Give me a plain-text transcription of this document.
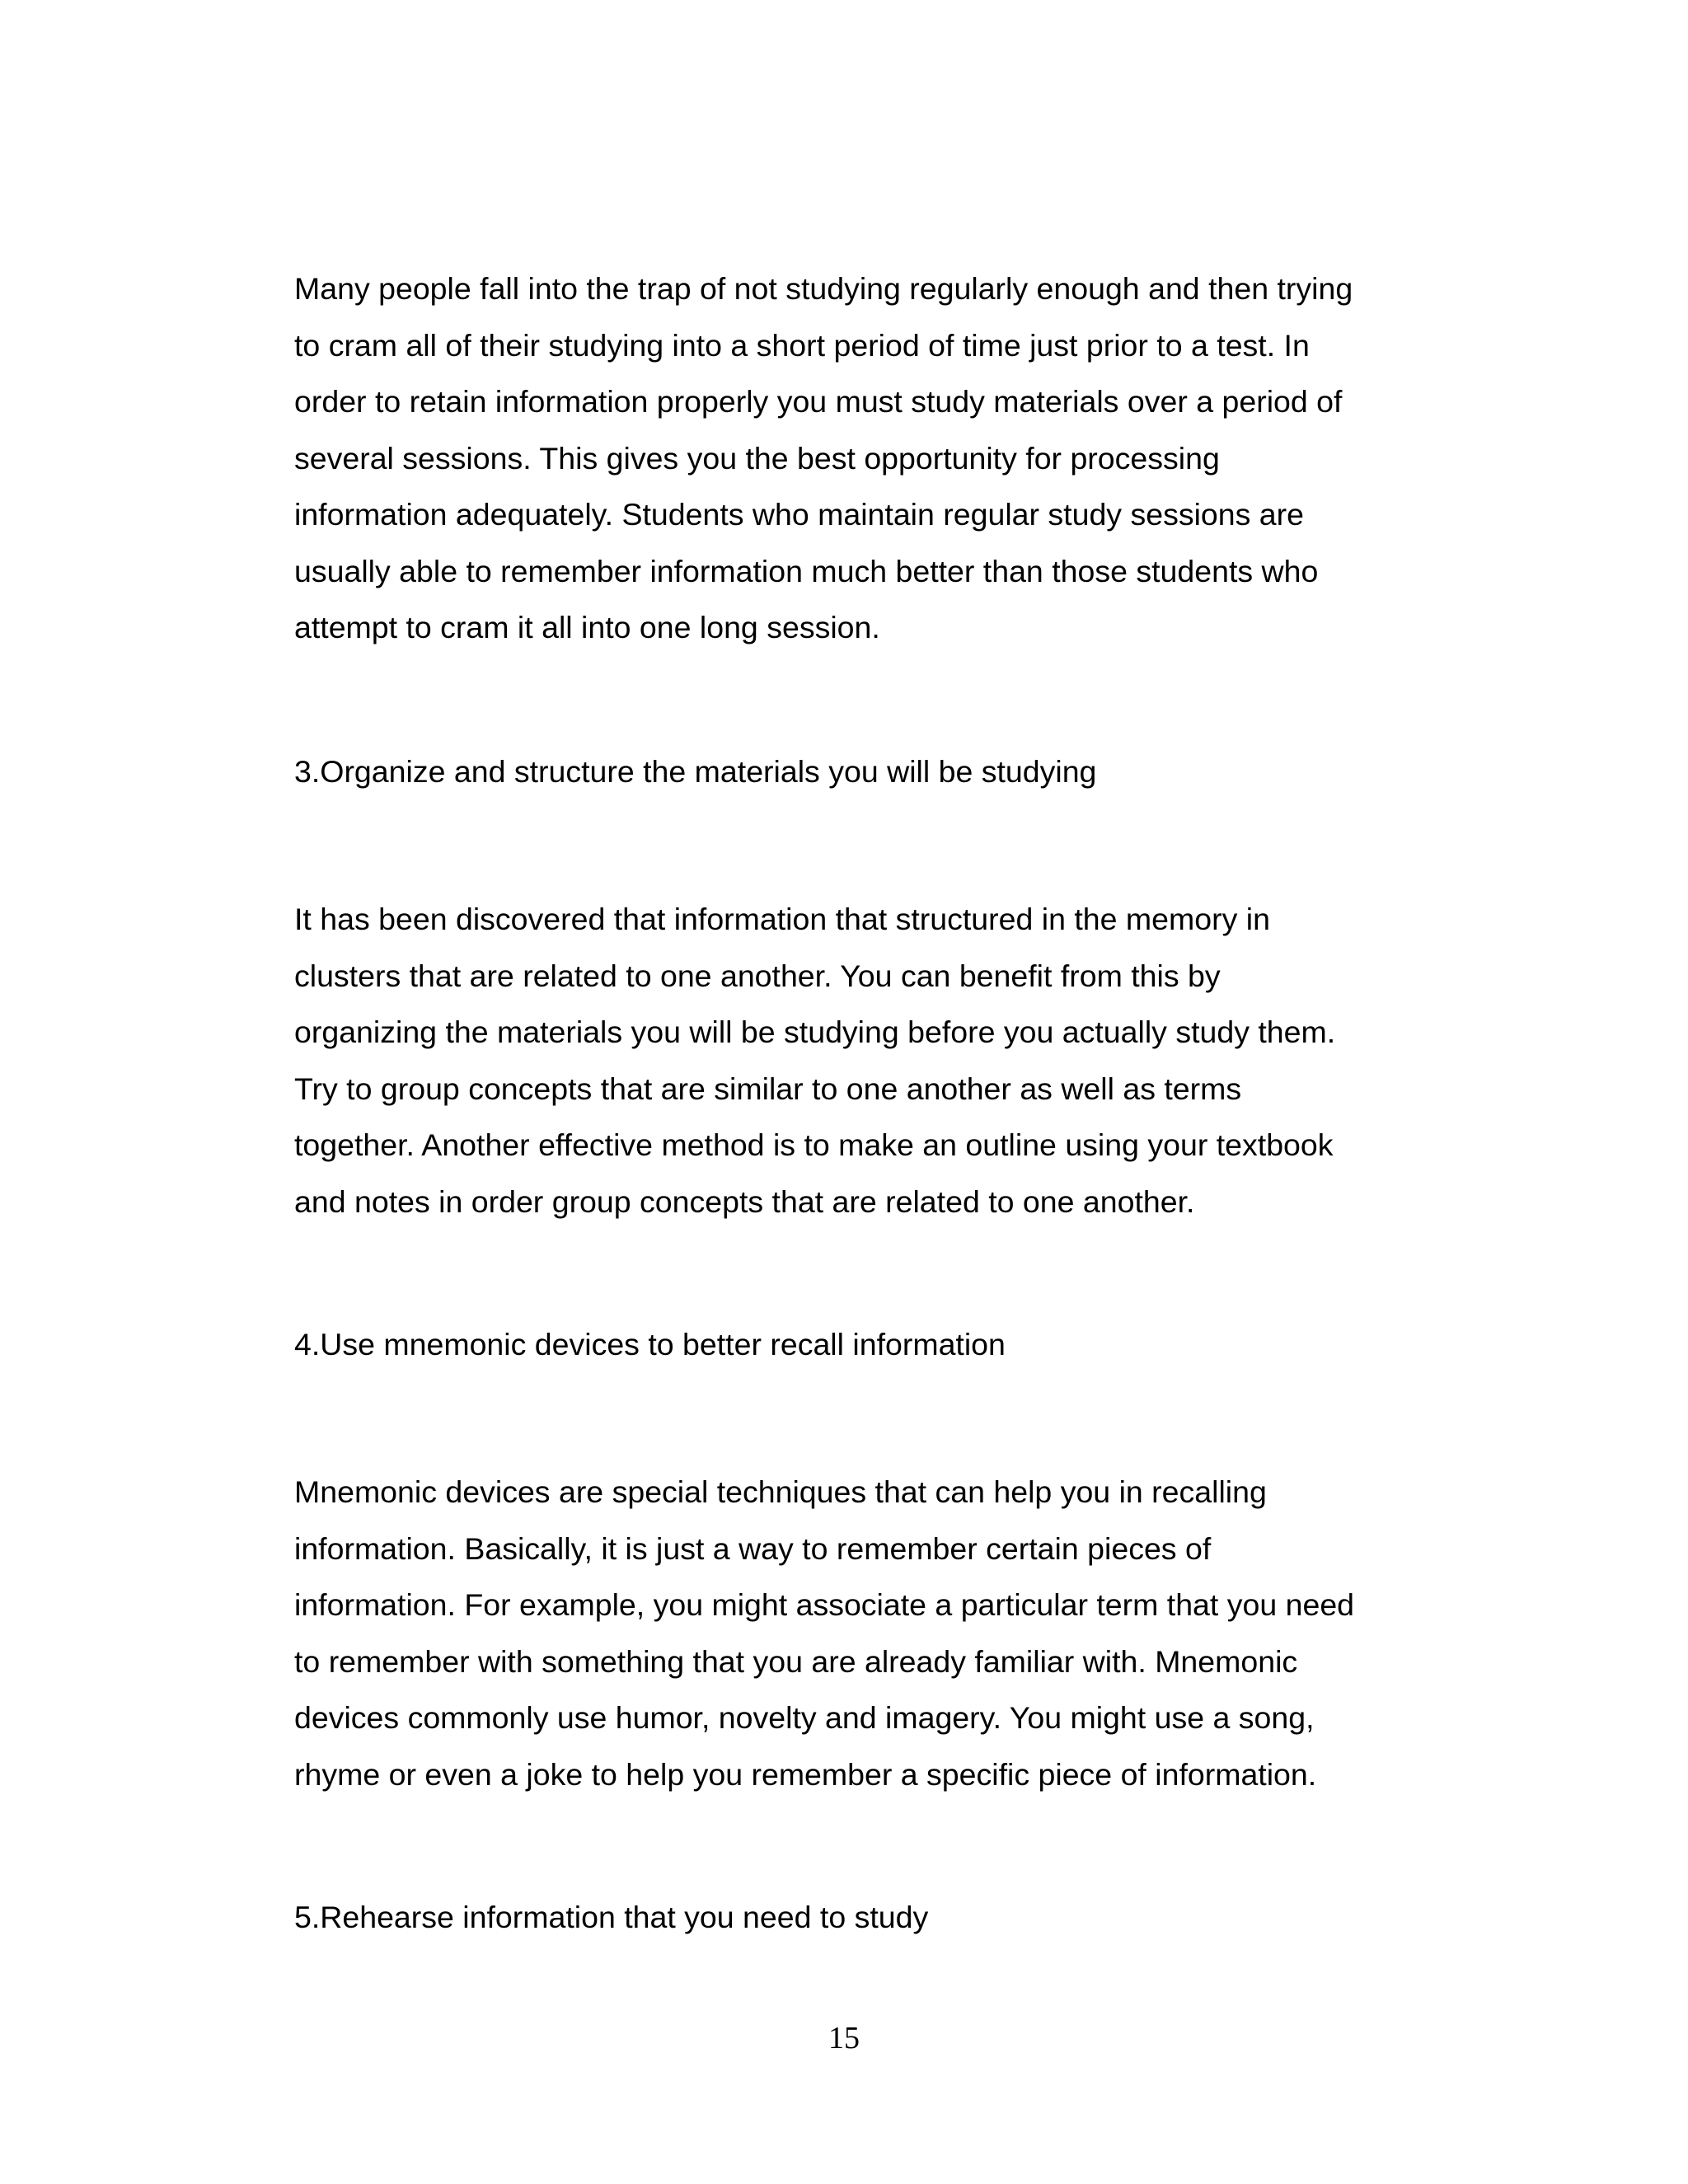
Many people fall into the trap of not studying regularly enough and then trying
to cram all of their studying into a short period of time just prior to a test. In
order to retain information properly you must study materials over a period of
several sessions. This gives you the best opportunity for processing
information adequately. Students who maintain regular study sessions are
usually able to remember information much better than those students who
attempt to cram it all into one long session.

3.Organize and structure the materials you will be studying

It has been discovered that information that structured in the memory in
clusters that are related to one another. You can benefit from this by
organizing the materials you will be studying before you actually study them.
Try to group concepts that are similar to one another as well as terms
together. Another effective method is to make an outline using your textbook
and notes in order group concepts that are related to one another.

4.Use mnemonic devices to better recall information

Mnemonic devices are special techniques that can help you in recalling
information. Basically, it is just a way to remember certain pieces of
information. For example, you might associate a particular term that you need
to remember with something that you are already familiar with. Mnemonic
devices commonly use humor, novelty and imagery. You might use a song,
rhyme or even a joke to help you remember a specific piece of information.

5.Rehearse information that you need to study

15
